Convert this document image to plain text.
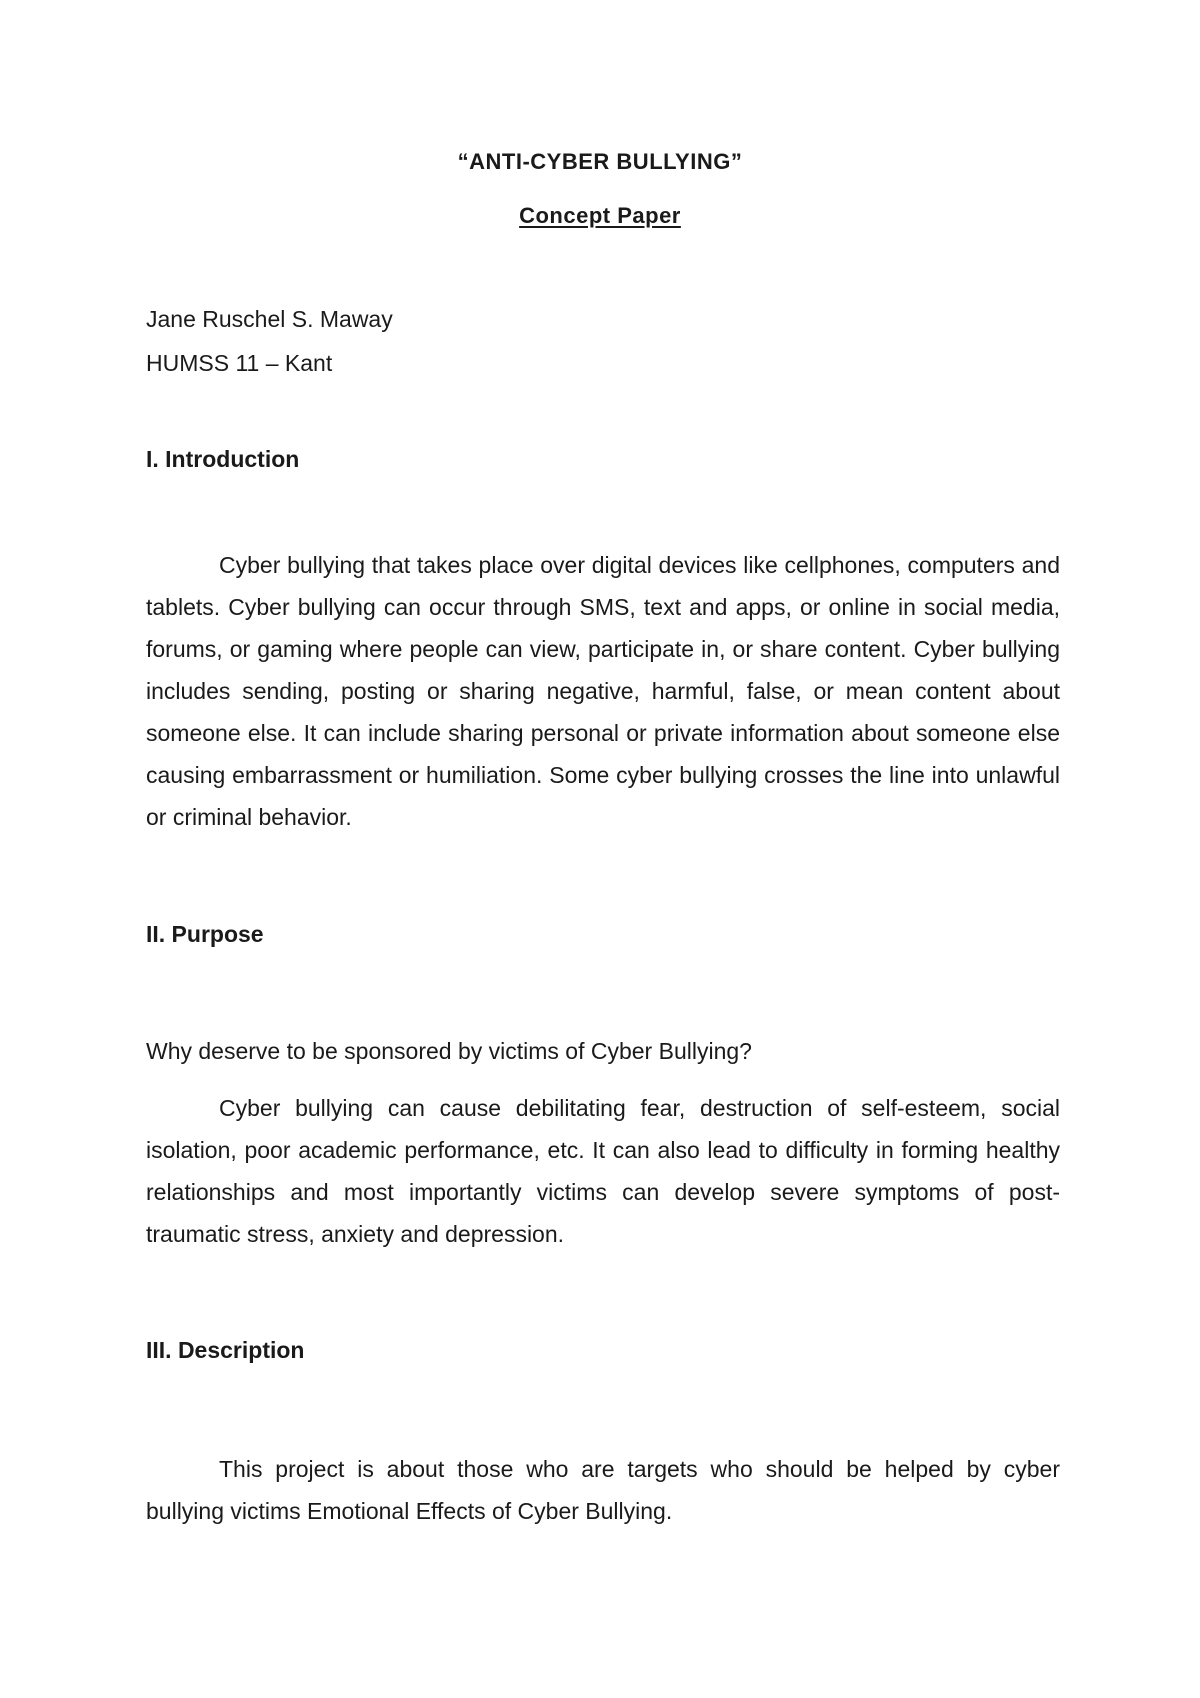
“ANTI-CYBER BULLYING”
Concept Paper

Jane Ruschel S. Maway

HUMSS 11 – Kant

I. Introduction

Cyber bullying that takes place over digital devices like cellphones, computers and tablets. Cyber bullying can occur through SMS, text and apps, or online in social media, forums, or gaming where people can view, participate in, or share content. Cyber bullying includes sending, posting or sharing negative, harmful, false, or mean content about someone else. It can include sharing personal or private information about someone else causing embarrassment or humiliation. Some cyber bullying crosses the line into unlawful or criminal behavior.

II. Purpose

Why deserve to be sponsored by victims of Cyber Bullying?

Cyber bullying can cause debilitating fear, destruction of self-esteem, social isolation, poor academic performance, etc. It can also lead to difficulty in forming healthy relationships and most importantly victims can develop severe symptoms of post-traumatic stress, anxiety and depression.

III. Description

This project is about those who are targets who should be helped by cyber bullying victims Emotional Effects of Cyber Bullying.
